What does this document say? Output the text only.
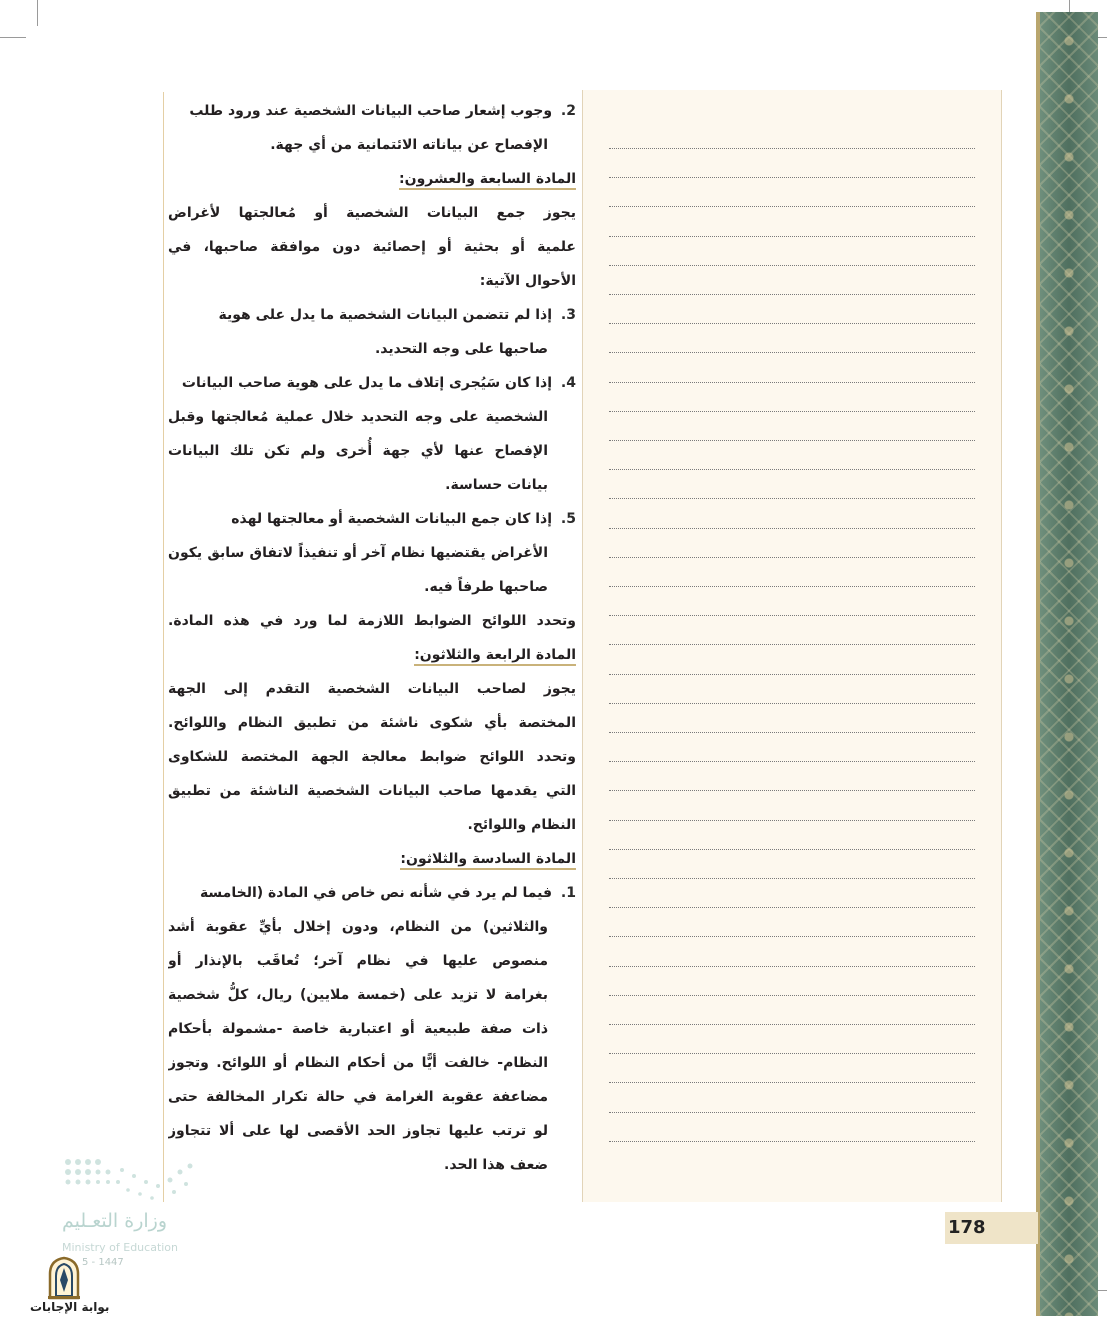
2. وجوب إشعار صاحب البيانات الشخصية عند ورود طلب
الإفصاح عن بياناته الائتمانية من أي جهة.
المادة السابعة والعشرون:
يجوز جمع البيانات الشخصية أو مُعالجتها لأغراض
علمية أو بحثية أو إحصائية دون موافقة صاحبها، في
الأحوال الآتية:
3. إذا لم تتضمن البيانات الشخصية ما يدل على هوية
صاحبها على وجه التحديد.
4. إذا كان سَيُجرى إتلاف ما يدل على هوية صاحب البيانات
الشخصية على وجه التحديد خلال عملية مُعالجتها وقبل
الإفصاح عنها لأي جهة أُخرى ولم تكن تلك البيانات
بيانات حساسة.
5. إذا كان جمع البيانات الشخصية أو معالجتها لهذه
الأغراض يقتضيها نظام آخر أو تنفيذاً لاتفاق سابق يكون
صاحبها طرفاً فيه.
وتحدد اللوائح الضوابط اللازمة لما ورد في هذه المادة.
المادة الرابعة والثلاثون:
يجوز لصاحب البيانات الشخصية التقدم إلى الجهة
المختصة بأي شكوى ناشئة من تطبيق النظام واللوائح.
وتحدد اللوائح ضوابط معالجة الجهة المختصة للشكاوى
التي يقدمها صاحب البيانات الشخصية الناشئة من تطبيق
النظام واللوائح.
المادة السادسة والثلاثون:
1. فيما لم يرد في شأنه نص خاص في المادة (الخامسة
والثلاثين) من النظام، ودون إخلال بأيِّ عقوبة أشد
منصوص عليها في نظام آخر؛ تُعاقَب بالإنذار أو
بغرامة لا تزيد على (خمسة ملايين) ريال، كلُّ شخصية
ذات صفة طبيعية أو اعتبارية خاصة -مشمولة بأحكام
النظام- خالفت أيًّا من أحكام النظام أو اللوائح. وتجوز
مضاعفة عقوبة الغرامة في حالة تكرار المخالفة حتى
لو ترتب عليها تجاوز الحد الأقصى لها على ألا تتجاوز
ضعف هذا الحد.
178
وزارة التعـليم
Ministry of Education
5 - 1447
بوابة الإجابات
